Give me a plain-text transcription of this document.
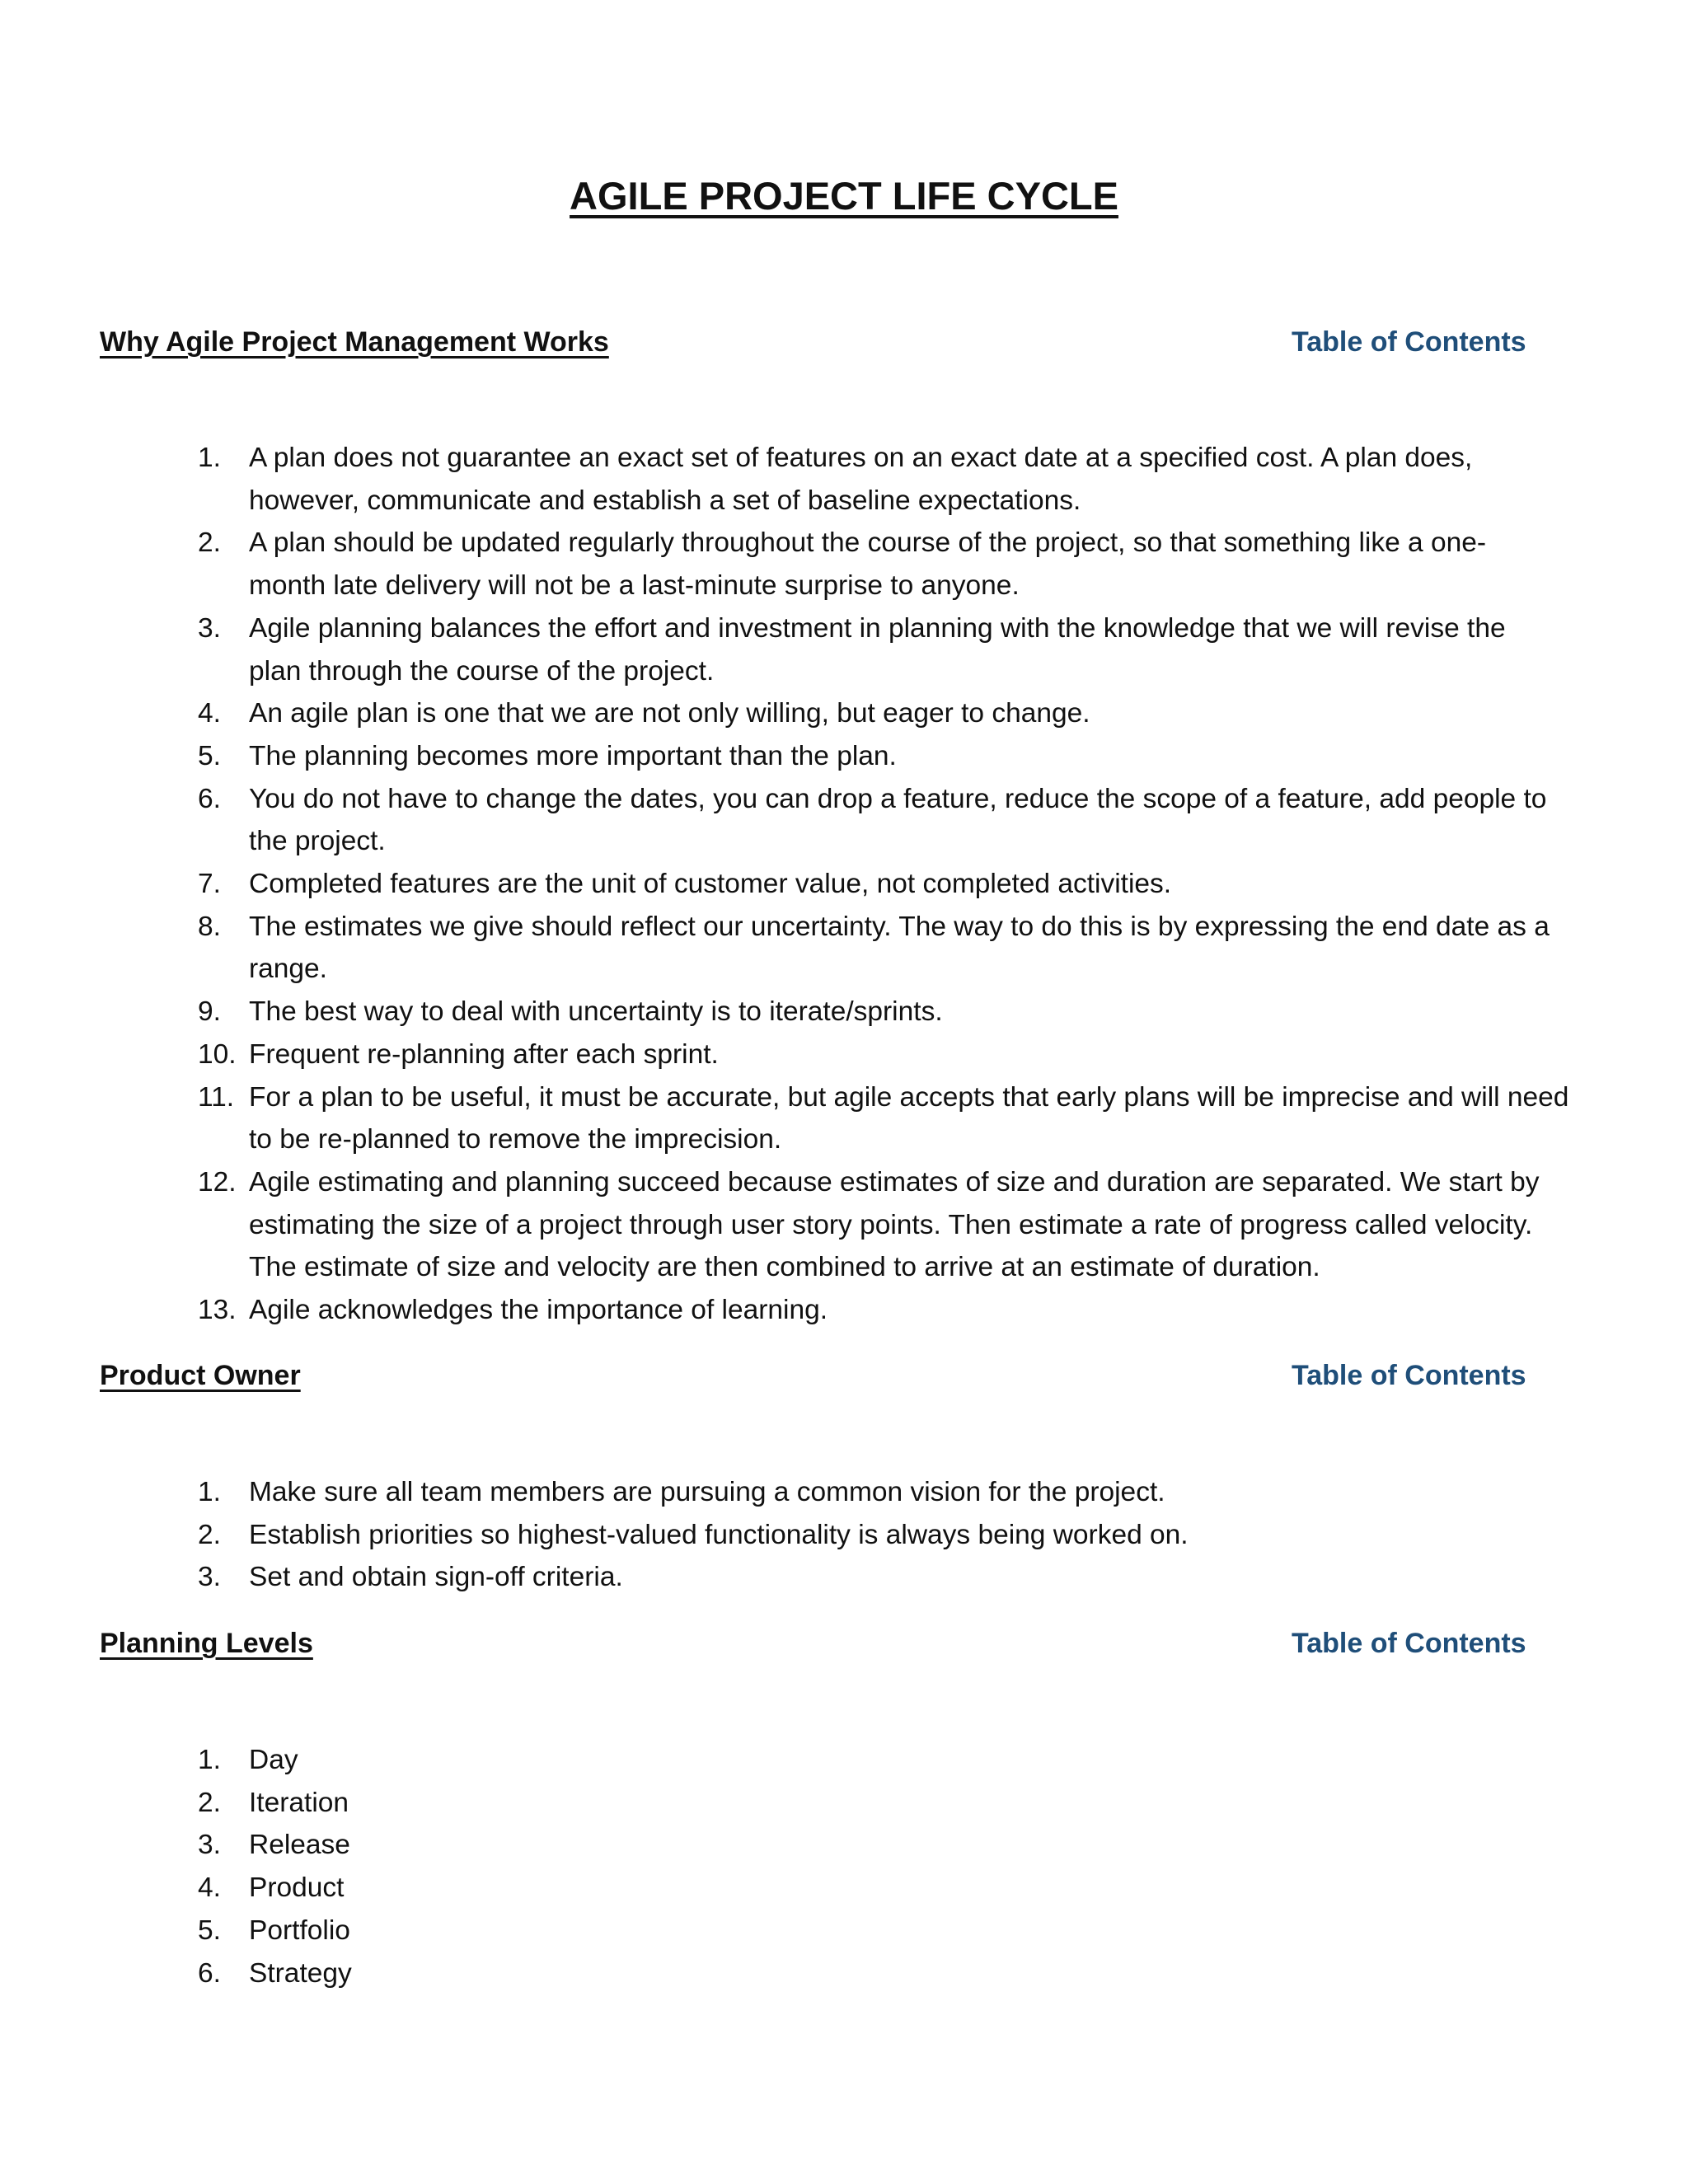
AGILE PROJECT LIFE CYCLE
Why Agile Project Management Works	Table of Contents
1. A plan does not guarantee an exact set of features on an exact date at a specified cost. A plan does,
however, communicate and establish a set of baseline expectations.
2. A plan should be updated regularly throughout the course of the project, so that something like a one-
month late delivery will not be a last-minute surprise to anyone.
3. Agile planning balances the effort and investment in planning with the knowledge that we will revise the
plan through the course of the project.
4. An agile plan is one that we are not only willing, but eager to change.
5. The planning becomes more important than the plan.
6. You do not have to change the dates, you can drop a feature, reduce the scope of a feature, add people to
the project.
7. Completed features are the unit of customer value, not completed activities.
8. The estimates we give should reflect our uncertainty. The way to do this is by expressing the end date as a
range.
9. The best way to deal with uncertainty is to iterate/sprints.
10. Frequent re-planning after each sprint.
11. For a plan to be useful, it must be accurate, but agile accepts that early plans will be imprecise and will need
to be re-planned to remove the imprecision.
12. Agile estimating and planning succeed because estimates of size and duration are separated. We start by
estimating the size of a project through user story points. Then estimate a rate of progress called velocity.
The estimate of size and velocity are then combined to arrive at an estimate of duration.
13. Agile acknowledges the importance of learning.
Product Owner	Table of Contents
1. Make sure all team members are pursuing a common vision for the project.
2. Establish priorities so highest-valued functionality is always being worked on.
3. Set and obtain sign-off criteria.
Planning Levels	Table of Contents
1. Day
2. Iteration
3. Release
4. Product
5. Portfolio
6. Strategy
